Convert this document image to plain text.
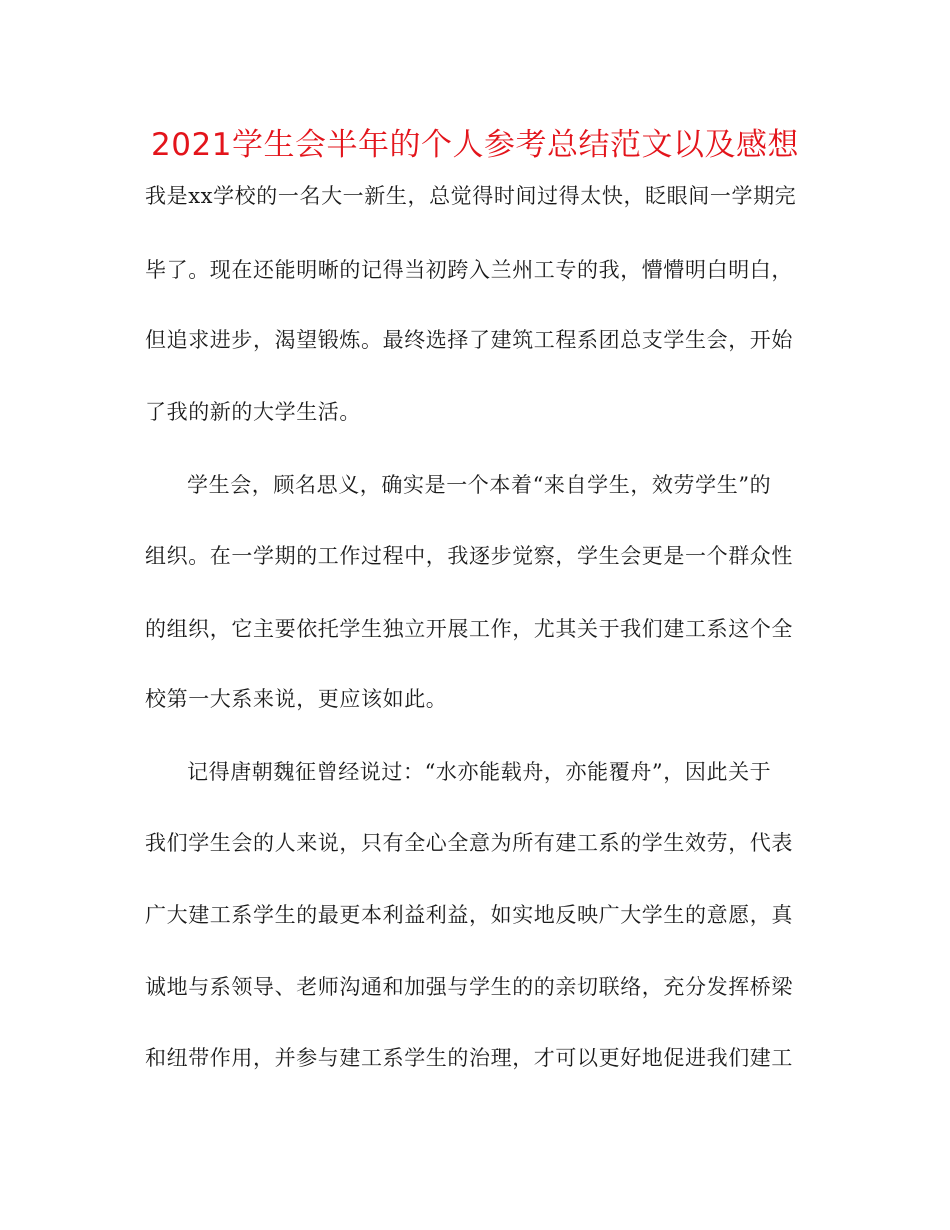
2021学生会半年的个人参考总结范文以及感想
我是xx学校的一名大一新生，总觉得时间过得太快，眨眼间一学期完
毕了。现在还能明晰的记得当初跨入兰州工专的我，懵懵明白明白，
但追求进步，渴望锻炼。最终选择了建筑工程系团总支学生会，开始
了我的新的大学生活。
学生会，顾名思义，确实是一个本着“来自学生，效劳学生”的
组织。在一学期的工作过程中，我逐步觉察，学生会更是一个群众性
的组织，它主要依托学生独立开展工作，尤其关于我们建工系这个全
校第一大系来说，更应该如此。
记得唐朝魏征曾经说过：“水亦能载舟，亦能覆舟”，因此关于
我们学生会的人来说，只有全心全意为所有建工系的学生效劳，代表
广大建工系学生的最更本利益利益，如实地反映广大学生的意愿，真
诚地与系领导、老师沟通和加强与学生的的亲切联络，充分发挥桥梁
和纽带作用，并参与建工系学生的治理，才可以更好地促进我们建工
